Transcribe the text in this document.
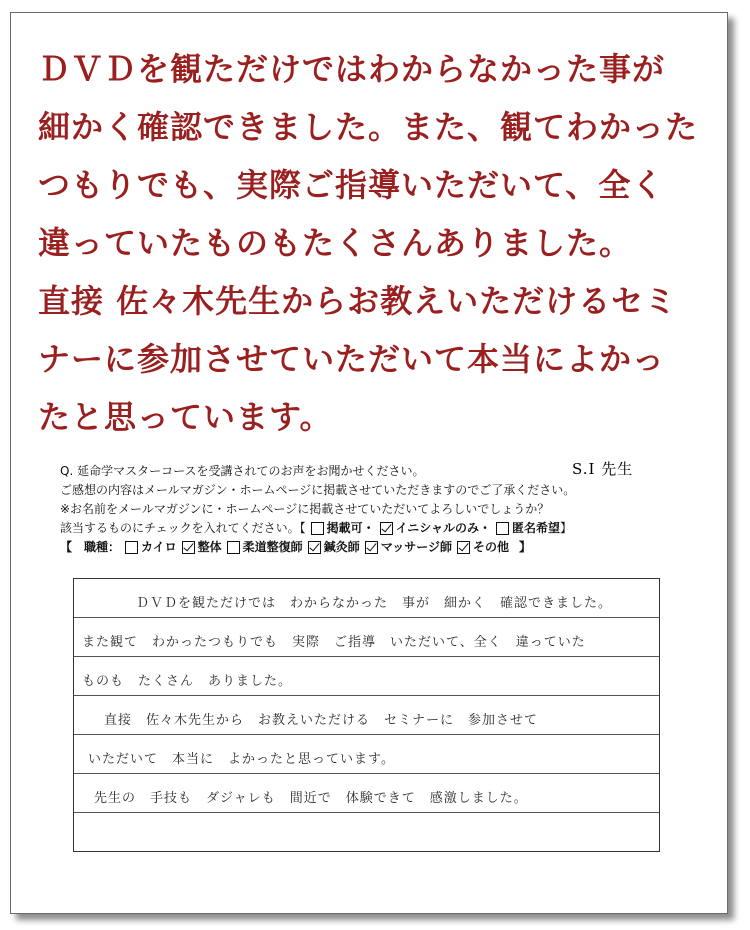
ＤＶＤを観ただけではわからなかった事が
細かく確認できました。また、観てわかった
つもりでも、実際ご指導いただいて、全く
違っていたものもたくさんありました。
直接 佐々木先生からお教えいただけるセミ
ナーに参加させていただいて本当によかっ
たと思っています。
S.I 先生
Q. 延命学マスターコースを受講されてのお声をお聞かせください。
ご感想の内容はメールマガジン・ホームページに掲載させていただきますのでご了承ください。
※お名前をメールマガジンに・ホームページに掲載させていただいてよろしいでしょうか？
該当するものにチェックを入れてください。【 掲載可・ イニシャルのみ・ 匿名希望 】
【　職種： カイロ 整体 柔道整復師 鍼灸師 マッサージ師 その他 】
ＤＶＤを観ただけでは　わからなかった　事が　細かく　確認できました。
また観て　わかったつもりでも　実際　ご指導　いただいて、全く　違っていた
ものも　たくさん　ありました。
直接　佐々木先生から　お教えいただける　セミナーに　参加させて
いただいて　本当に　よかったと思っています。
先生の　手技も　ダジャレも　間近で　体験できて　感激しました。
